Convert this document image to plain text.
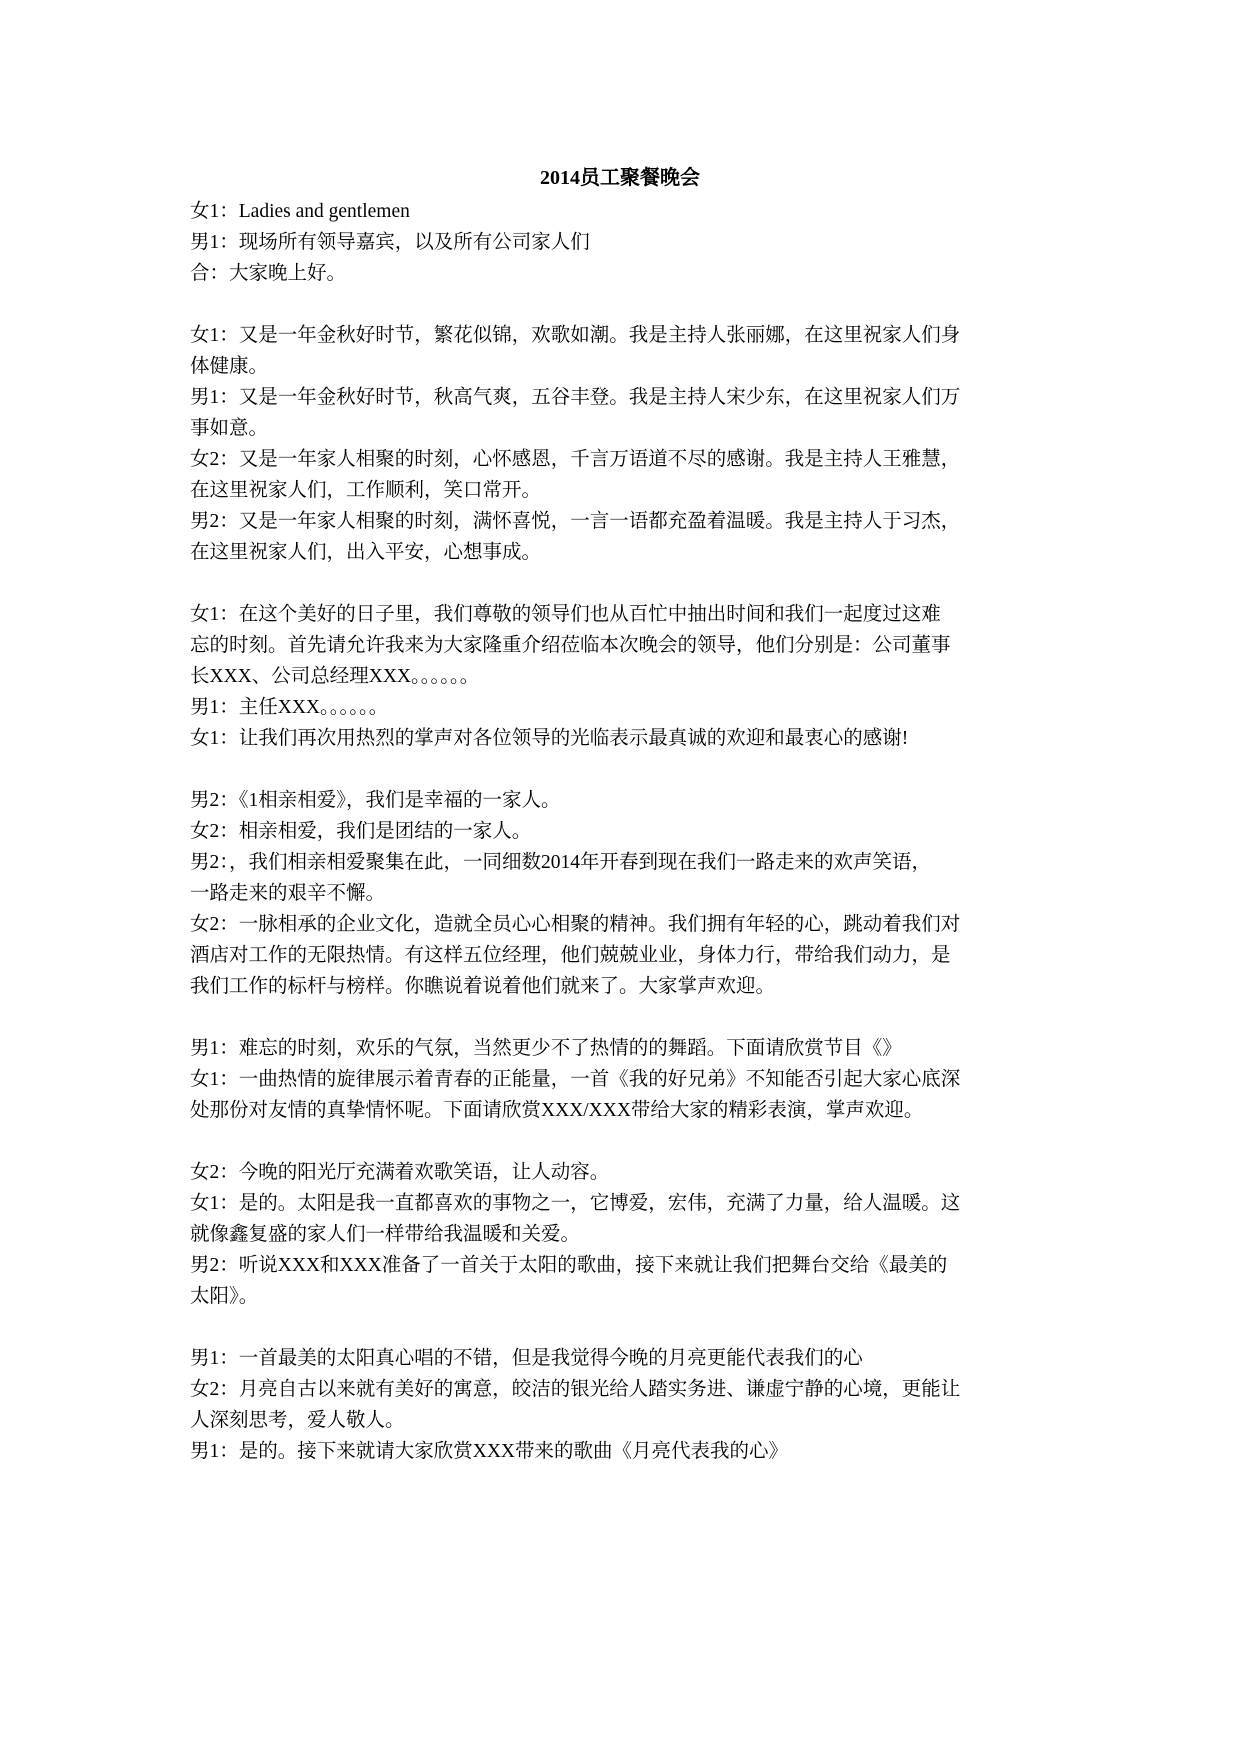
2014员工聚餐晚会

女1：Ladies and gentlemen
男1：现场所有领导嘉宾，以及所有公司家人们
合：大家晚上好。

女1：又是一年金秋好时节，繁花似锦，欢歌如潮。我是主持人张丽娜，在这里祝家人们身
体健康。
男1：又是一年金秋好时节，秋高气爽，五谷丰登。我是主持人宋少东，在这里祝家人们万
事如意。
女2：又是一年家人相聚的时刻，心怀感恩，千言万语道不尽的感谢。我是主持人王雅慧，
在这里祝家人们，工作顺利，笑口常开。
男2：又是一年家人相聚的时刻，满怀喜悦，一言一语都充盈着温暖。我是主持人于习杰，
在这里祝家人们，出入平安，心想事成。

女1：在这个美好的日子里，我们尊敬的领导们也从百忙中抽出时间和我们一起度过这难
忘的时刻。首先请允许我来为大家隆重介绍莅临本次晚会的领导，他们分别是：公司董事
长XXX、公司总经理XXX。。。。。。
男1：主任XXX。。。。。。
女1：让我们再次用热烈的掌声对各位领导的光临表示最真诚的欢迎和最衷心的感谢!

男2：《1相亲相爱》，我们是幸福的一家人。
女2：相亲相爱，我们是团结的一家人。
男2：，我们相亲相爱聚集在此，一同细数2014年开春到现在我们一路走来的欢声笑语，
一路走来的艰辛不懈。
女2：一脉相承的企业文化，造就全员心心相聚的精神。我们拥有年轻的心，跳动着我们对
酒店对工作的无限热情。有这样五位经理，他们兢兢业业，身体力行，带给我们动力，是
我们工作的标杆与榜样。你瞧说着说着他们就来了。大家掌声欢迎。

男1：难忘的时刻，欢乐的气氛，当然更少不了热情的的舞蹈。下面请欣赏节目《》
女1：一曲热情的旋律展示着青春的正能量，一首《我的好兄弟》不知能否引起大家心底深
处那份对友情的真挚情怀呢。下面请欣赏XXX/XXX带给大家的精彩表演，掌声欢迎。

女2：今晚的阳光厅充满着欢歌笑语，让人动容。
女1：是的。太阳是我一直都喜欢的事物之一，它博爱，宏伟，充满了力量，给人温暖。这
就像鑫复盛的家人们一样带给我温暖和关爱。
男2：听说XXX和XXX准备了一首关于太阳的歌曲，接下来就让我们把舞台交给《最美的
太阳》。

男1：一首最美的太阳真心唱的不错，但是我觉得今晚的月亮更能代表我们的心
女2：月亮自古以来就有美好的寓意，皎洁的银光给人踏实务进、谦虚宁静的心境，更能让
人深刻思考，爱人敬人。
男1：是的。接下来就请大家欣赏XXX带来的歌曲《月亮代表我的心》
